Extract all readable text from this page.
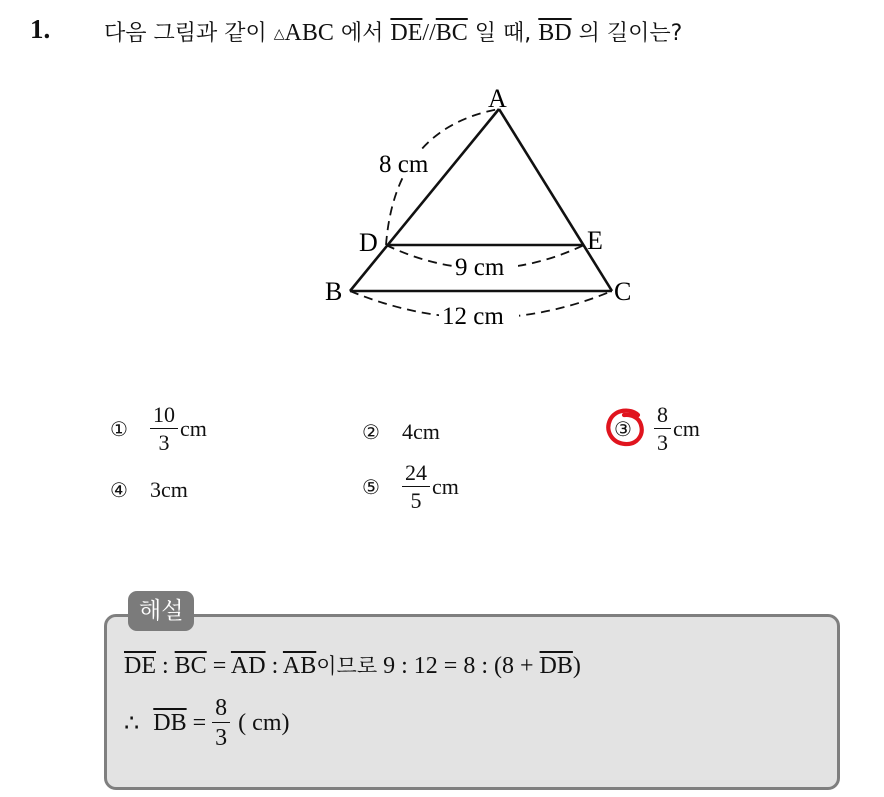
1. 다음 그림과 같이 △ABC 에서 $\overline{DE}//\overline{BC}$ 일 때, $\overline{BD}$ 의 길이는?
A
D	E
B	C
8 cm
9 cm
12 cm
①	$\frac{10}{3}$ cm	②	4cm	③	$\frac{8}{3}$ cm
④	3cm	⑤	$\frac{24}{5}$ cm
해설
$\overline{DE}$ : $\overline{BC} = \overline{AD}$ : $\overline{AB}$이므로 9 : 12 = 8 : $(8 + \overline{DB})$
∴ $\overline{DB} = \frac{8}{3}$ ( cm)
